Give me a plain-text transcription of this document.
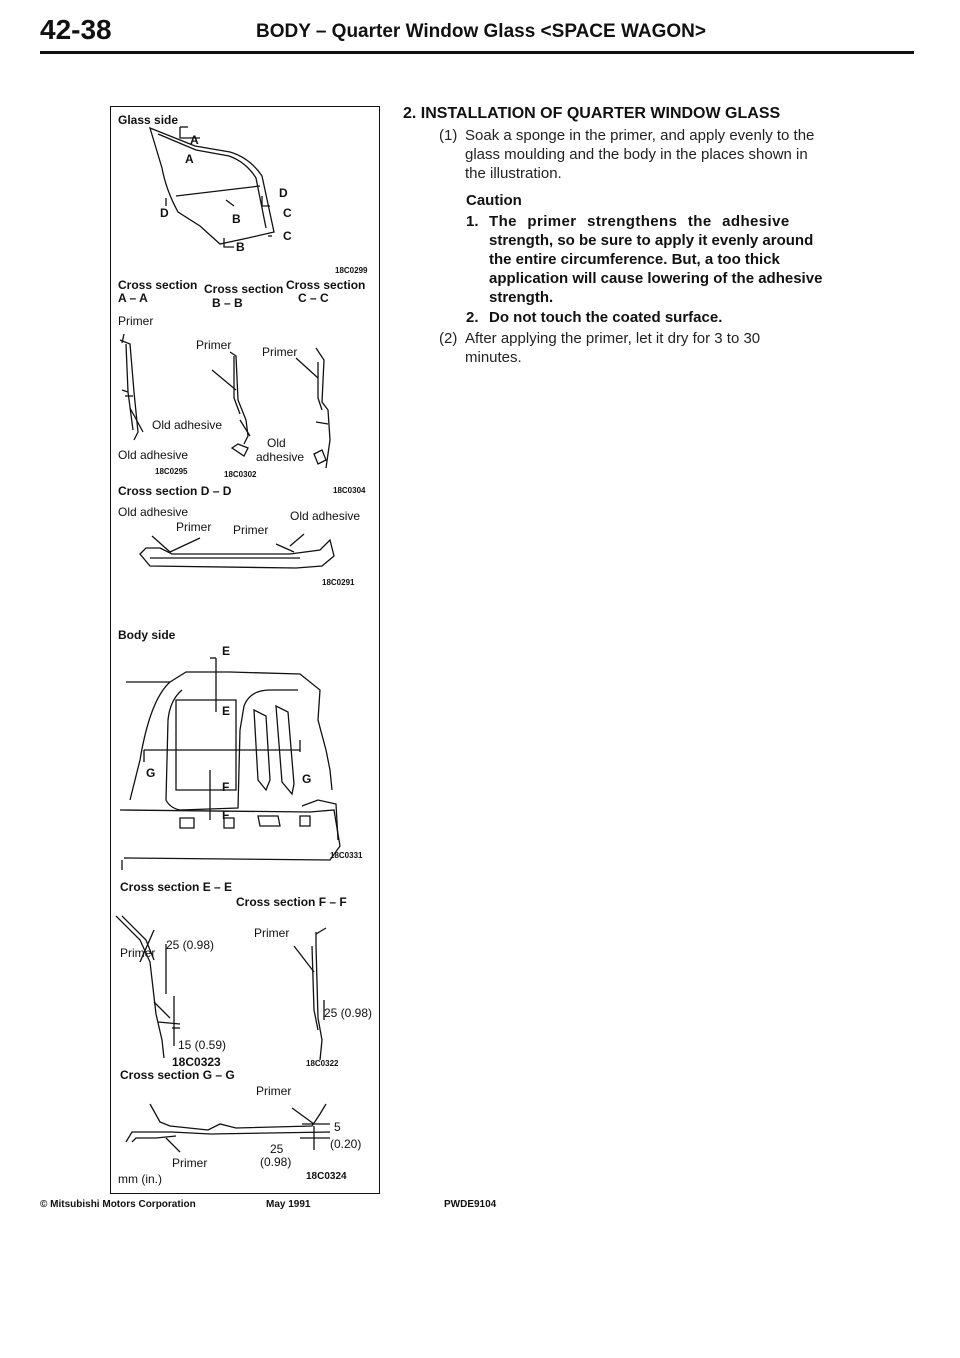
42-38	BODY – Quarter Window Glass <SPACE WAGON>
Glass side
A
A
D
D	B	C
C
B
18C0299
Cross section
A – A
Cross section
B – B
Cross section
C – C
Primer
Primer	Primer
Old adhesive
Old adhesive
Old
adhesive
18C0295	18C0302
Cross section D – D	18C0304
Old adhesive
Primer
Old adhesive
Primer
18C0291
Body side
E
E
G	G
F
F
18C0331
Cross section E – E
Cross section F – F
Primer
25 (0.98)
Primer
25 (0.98)
15 (0.59)
18C0323	18C0322
Cross section G – G
Primer
5
(0.20)
25
(0.98)
Primer
mm (in.)	18C0324
2. INSTALLATION OF QUARTER WINDOW GLASS
(1) Soak a sponge in the primer, and apply evenly to the
glass moulding and the body in the places shown in
the illustration.
Caution
1. The primer strengthens the adhesive
strength, so be sure to apply it evenly around
the entire circumference. But, a too thick
application will cause lowering of the adhesive
strength.
2. Do not touch the coated surface.
(2) After applying the primer, let it dry for 3 to 30
minutes.
© Mitsubishi Motors Corporation	May 1991	PWDE9104
